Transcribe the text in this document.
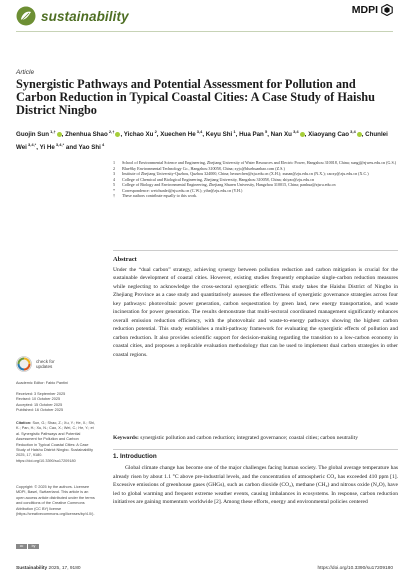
sustainability	MDPI
Article
Synergistic Pathways and Potential Assessment for Pollution and Carbon Reduction in Typical Coastal Cities: A Case Study of Haishu District Ningbo
Guojin Sun $^{1,\dagger}$ , Zhenhua Shao $^{2,\dagger}$ , Yichao Xu $^2$, Xuechen He $^{3,4}$, Keyu Shi $^1$, Hua Pan $^5$, Nan Xu $^{3,4}$ , Xiaoyang Cao $^{3,4}$ , Chunlei Wei $^{3,4,*}$, Yi He $^{3,4,*}$ and Yao Shi $^4$
1 School of Environmental Science and Engineering, Zhejiang University of Water Resources and Electric Power, Hangzhou 310018, China; sungj@zjweu.edu.cn (G.S.)
2 BlueSky Environmental Technology Co., Hangzhou 310058, China; zyjc@bluehuanbao.com (Z.S.)
3 Institute of Zhejiang University-Quzhou, Quzhou 324000, China; hexuechen@zju.edu.cn (X.H.); xunan@zju.edu.cn (N.X.); caoxy@zju.edu.cn (X.C.)
4 College of Chemical and Biological Engineering, Zhejiang University, Hangzhou 310058, China; shiyao@zju.edu.cn
5 College of Biology and Environmental Engineering, Zhejiang Shuren University, Hangzhou 310015, China; panhua@zjsru.edu.cn
* Correspondence: weichunlei@zju.edu.cn (C.W.); yihe@zju.edu.cn (Y.H.)
† These authors contribute equally to this work.
Abstract

Under the “dual carbon” strategy, achieving synergy between pollution reduction and carbon mitigation is crucial for the sustainable development of coastal cities. However, existing studies frequently emphasize single-carbon reduction measures while neglecting to acknowledge the cross-sectoral synergistic effects. This study takes the Haishu District of Ningbo in Zhejiang Province as a case study and quantitatively assesses the effectiveness of synergistic governance strategies across four key pathways: photovoltaic power generation, carbon sequestration by green land, new energy transportation, and waste incineration for power generation. The results demonstrate that multi-sectoral coordinated management significantly enhances overall emission reduction efficiency, with the photovoltaic and waste-to-energy pathways showing the highest carbon reduction potential. This study establishes a multi-pathway framework for evaluating the synergistic effects of pollution and carbon reduction. It also provides scientific support for decision-making regarding the transition to a low-carbon economy in coastal cities, and proposes a replicable evaluation methodology that can be used to implement dual carbon strategies in other coastal regions.

Keywords: synergistic pollution and carbon reduction; integrated governance; coastal cities; carbon neutrality

1. Introduction

Global climate change has become one of the major challenges facing human society. The global average temperature has already risen by about 1.1 °C above pre-industrial levels, and the concentration of atmospheric CO₂ has exceeded 410 ppm [1]. Excessive emissions of greenhouse gases (GHGs), such as carbon dioxide (CO₂), methane (CH₄) and nitrous oxide (N₂O), have led to global warming and frequent extreme weather events, causing imbalances in ecosystems. In response, carbon reduction initiatives are gaining momentum worldwide [2]. Among these efforts, energy and environmental policies centered

check for
updates

Academic Editor: Fabio Pantini

Received: 3 September 2025
Revised: 10 October 2025
Accepted: 15 October 2025
Published: 16 October 2025

Citation: Sun, G.; Shao, Z.; Xu, Y.; He, X.; Shi, K.; Pan, H.; Xu, N.; Cao, X.; Wei, C.; He, Y.; et al. Synergistic Pathways and Potential Assessment for Pollution and Carbon Reduction in Typical Coastal Cities: A Case Study of Haishu District Ningbo. Sustainability 2025, 17, 9180. https://doi.org/10.3390/su17209180

Copyright: © 2025 by the authors. Licensee MDPI, Basel, Switzerland. This article is an open access article distributed under the terms and conditions of the Creative Commons Attribution (CC BY) license (https://creativecommons.org/licenses/by/4.0/).

cc	by
Sustainability 2025, 17, 9180	https://doi.org/10.3390/su17209180
